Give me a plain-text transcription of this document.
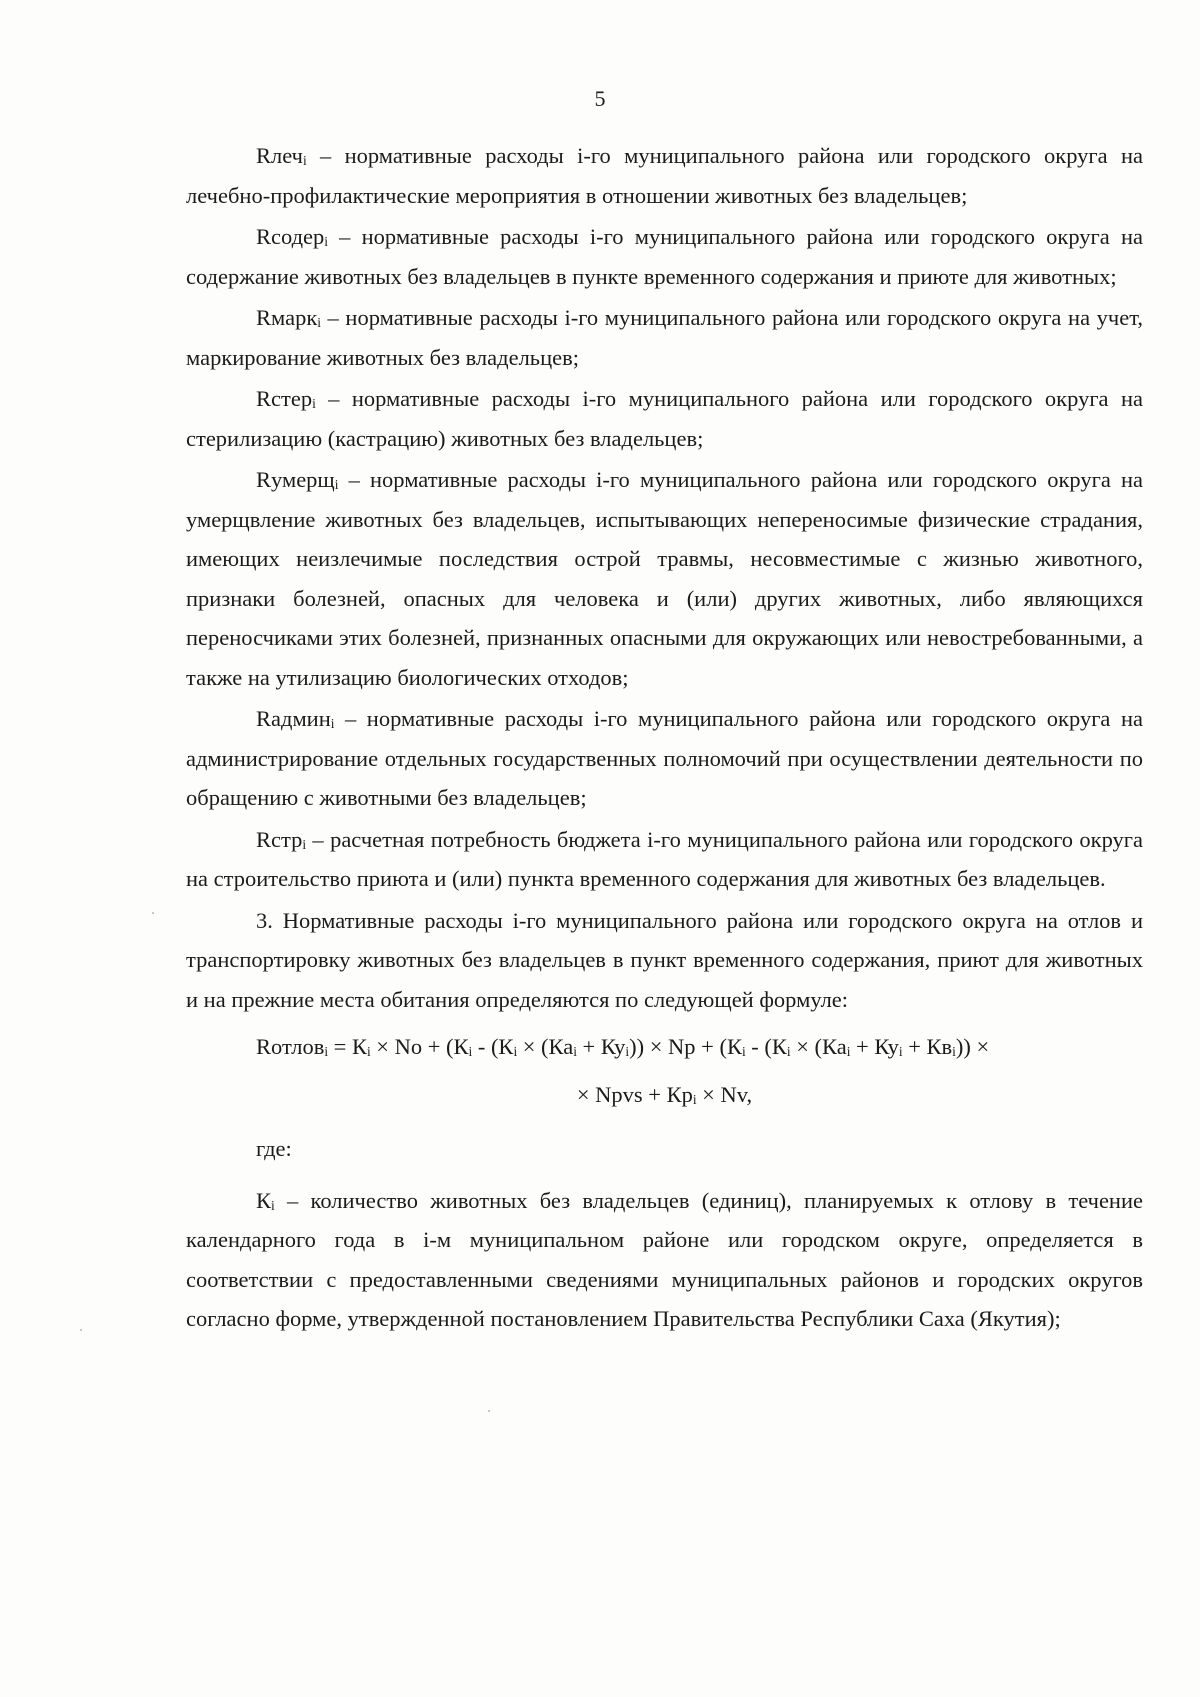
5

Rлечᵢ – нормативные расходы i-го муниципального района или городского округа на лечебно-профилактические мероприятия в отношении животных без владельцев;

Rсодерᵢ – нормативные расходы i-го муниципального района или городского округа на содержание животных без владельцев в пункте временного содержания и приюте для животных;

Rмаркᵢ – нормативные расходы i-го муниципального района или городского округа на учет, маркирование животных без владельцев;

Rстерᵢ – нормативные расходы i-го муниципального района или городского округа на стерилизацию (кастрацию) животных без владельцев;

Rумерщᵢ – нормативные расходы i-го муниципального района или городского округа на умерщвление животных без владельцев, испытывающих непереносимые физические страдания, имеющих неизлечимые последствия острой травмы, несовместимые с жизнью животного, признаки болезней, опасных для человека и (или) других животных, либо являющихся переносчиками этих болезней, признанных опасными для окружающих или невостребованными, а также на утилизацию биологических отходов;

Rадминᵢ – нормативные расходы i-го муниципального района или городского округа на администрирование отдельных государственных полномочий при осуществлении деятельности по обращению с животными без владельцев;

Rстрᵢ – расчетная потребность бюджета i-го муниципального района или городского округа на строительство приюта и (или) пункта временного содержания для животных без владельцев.

3. Нормативные расходы i-го муниципального района или городского округа на отлов и транспортировку животных без владельцев в пункт временного содержания, приют для животных и на прежние места обитания определяются по следующей формуле:

Rотловᵢ = Кᵢ × No + (Кᵢ - (Кᵢ × (Каᵢ + Куᵢ)) × Np + (Кᵢ - (Кᵢ × (Каᵢ + Куᵢ + Квᵢ)) ×

× Npvs + Крᵢ × Nv,

где:

Кᵢ – количество животных без владельцев (единиц), планируемых к отлову в течение календарного года в i-м муниципальном районе или городском округе, определяется в соответствии с предоставленными сведениями муниципальных районов и городских округов согласно форме, утвержденной постановлением Правительства Республики Саха (Якутия);
